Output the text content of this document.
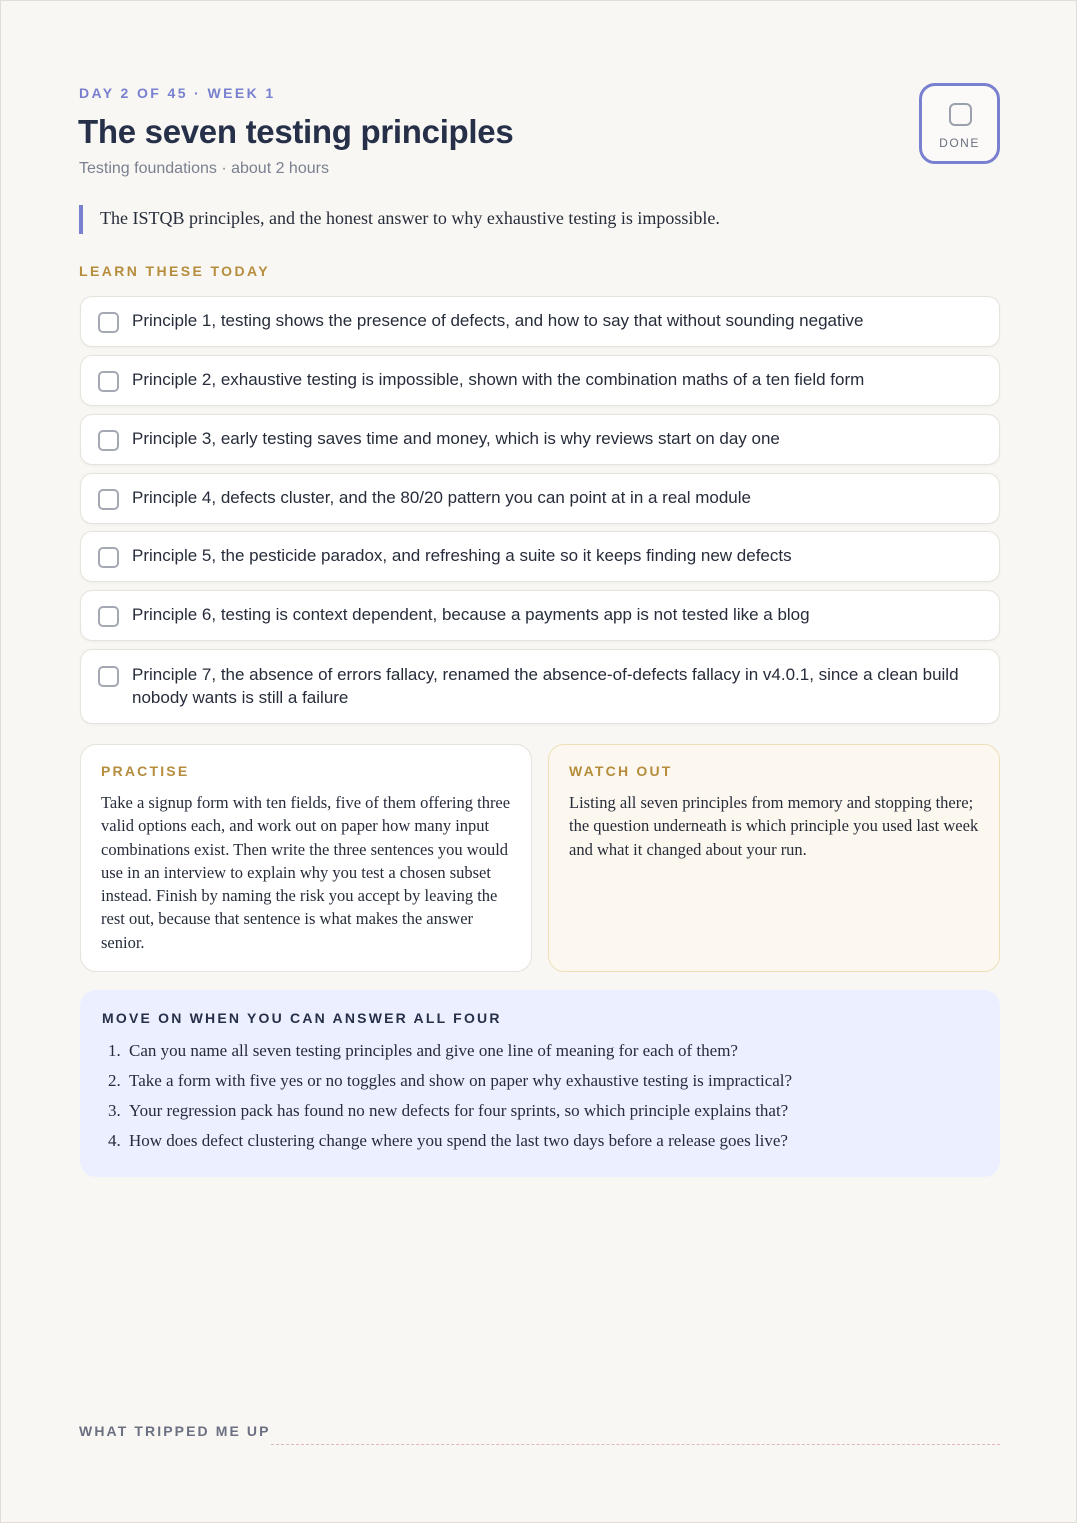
DAY 2 OF 45 · WEEK 1
The seven testing principles
Testing foundations · about 2 hours
DONE
The ISTQB principles, and the honest answer to why exhaustive testing is impossible.
LEARN THESE TODAY
Principle 1, testing shows the presence of defects, and how to say that without sounding negative
Principle 2, exhaustive testing is impossible, shown with the combination maths of a ten field form
Principle 3, early testing saves time and money, which is why reviews start on day one
Principle 4, defects cluster, and the 80/20 pattern you can point at in a real module
Principle 5, the pesticide paradox, and refreshing a suite so it keeps finding new defects
Principle 6, testing is context dependent, because a payments app is not tested like a blog
Principle 7, the absence of errors fallacy, renamed the absence-of-defects fallacy in v4.0.1, since a clean build nobody wants is still a failure
PRACTISE
Take a signup form with ten fields, five of them offering three valid options each, and work out on paper how many input combinations exist. Then write the three sentences you would use in an interview to explain why you test a chosen subset instead. Finish by naming the risk you accept by leaving the rest out, because that sentence is what makes the answer senior.
WATCH OUT
Listing all seven principles from memory and stopping there; the question underneath is which principle you used last week and what it changed about your run.
MOVE ON WHEN YOU CAN ANSWER ALL FOUR
1. Can you name all seven testing principles and give one line of meaning for each of them?
2. Take a form with five yes or no toggles and show on paper why exhaustive testing is impractical?
3. Your regression pack has found no new defects for four sprints, so which principle explains that?
4. How does defect clustering change where you spend the last two days before a release goes live?
WHAT TRIPPED ME UP
